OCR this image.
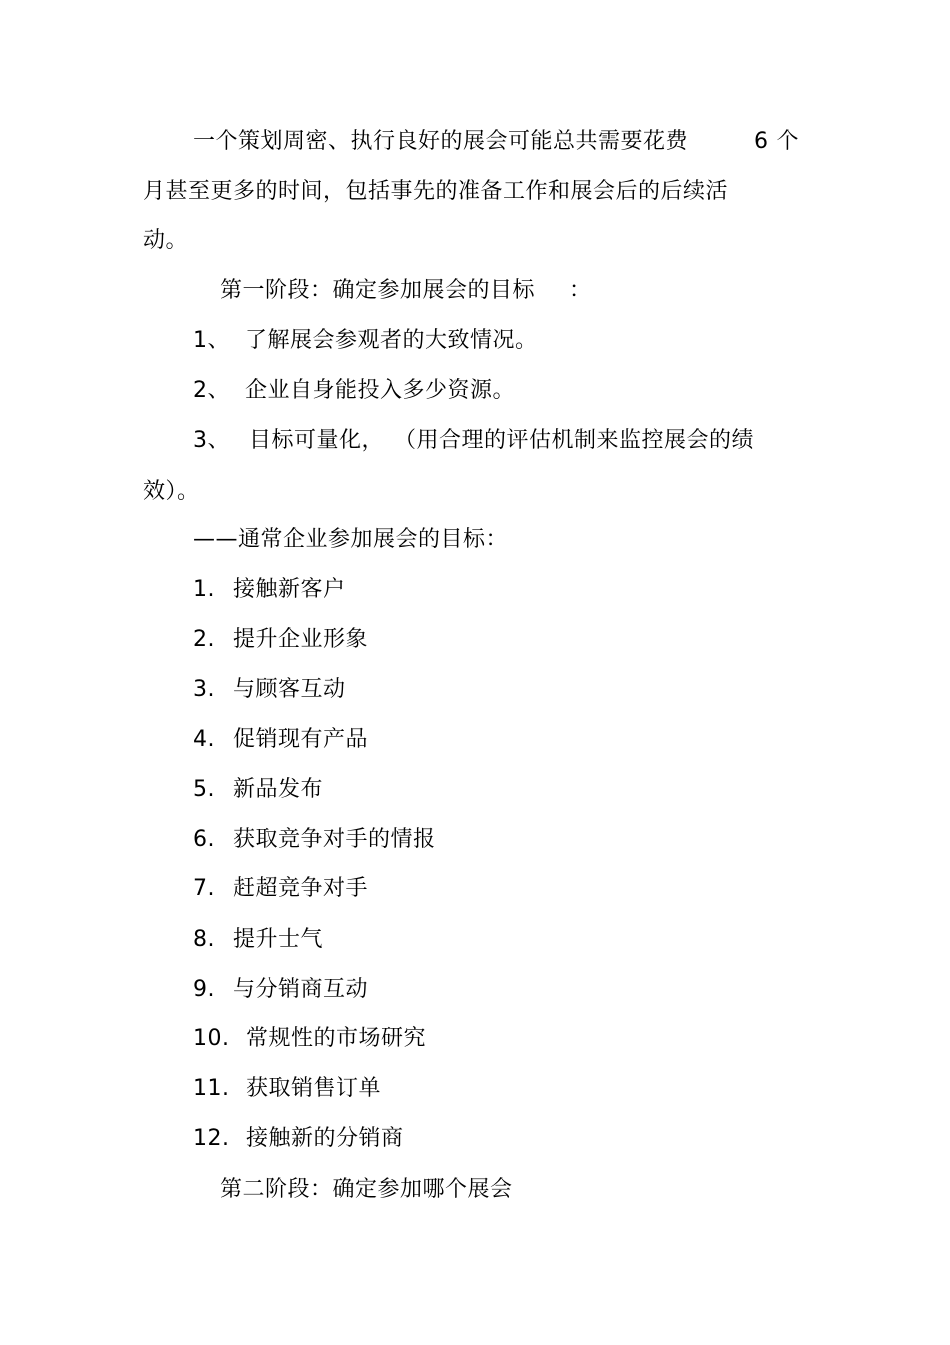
一个策划周密、执行良好的展会可能总共需要花费	6 个
月甚至更多的时间，包括事先的准备工作和展会后的后续活
动。
第一阶段：确定参加展会的目标 ：
1、 了解展会参观者的大致情况。
2、 企业自身能投入多少资源。
3、 目标可量化， （用合理的评估机制来监控展会的绩
效）。
——通常企业参加展会的目标：
1. 接触新客户
2. 提升企业形象
3. 与顾客互动
4. 促销现有产品
5. 新品发布
6. 获取竞争对手的情报
7. 赶超竞争对手
8. 提升士气
9. 与分销商互动
10. 常规性的市场研究
11. 获取销售订单
12. 接触新的分销商
第二阶段：确定参加哪个展会
